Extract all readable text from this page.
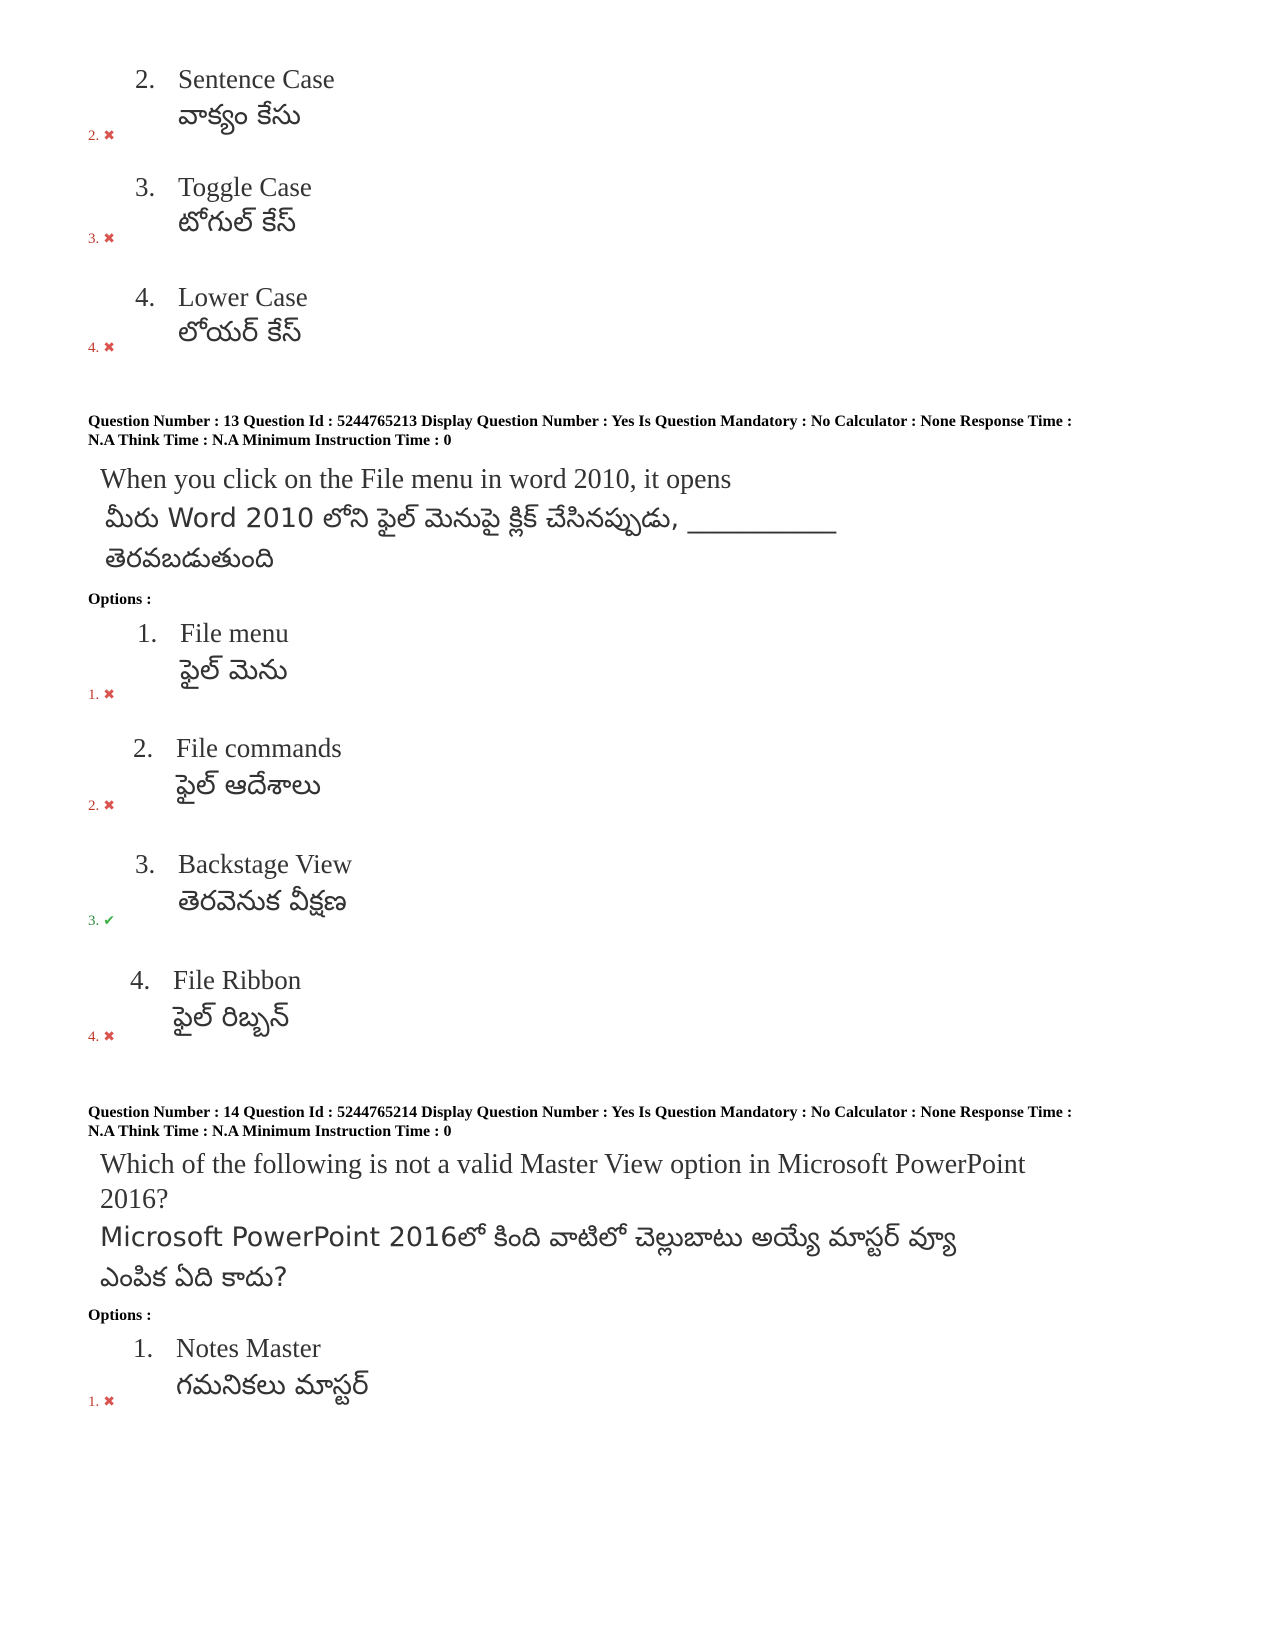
2. Sentence Case
వాక్యం కేసు
2. ✖
3. Toggle Case
టోగుల్ కేస్
3. ✖
4. Lower Case
లోయర్ కేస్
4. ✖
Question Number : 13 Question Id : 5244765213 Display Question Number : Yes Is Question Mandatory : No Calculator : None Response Time :
N.A Think Time : N.A Minimum Instruction Time : 0
When you click on the File menu in word 2010, it opens
మీరు Word 2010 లోని ఫైల్ మెనుపై క్లిక్ చేసినప్పుడు, ___________
తెరవబడుతుంది
Options :
1. File menu
ఫైల్ మెను
1. ✖
2. File commands
ఫైల్ ఆదేశాలు
2. ✖
3. Backstage View
తెరవెనుక వీక్షణ
3. ✔
4. File Ribbon
ఫైల్ రిబ్బన్
4. ✖
Question Number : 14 Question Id : 5244765214 Display Question Number : Yes Is Question Mandatory : No Calculator : None Response Time :
N.A Think Time : N.A Minimum Instruction Time : 0
Which of the following is not a valid Master View option in Microsoft PowerPoint
2016?
Microsoft PowerPoint 2016లో కింది వాటిలో చెల్లుబాటు అయ్యే మాస్టర్ వ్యూ
ఎంపిక ఏది కాదు?
Options :
1. Notes Master
గమనికలు మాస్టర్
1. ✖
